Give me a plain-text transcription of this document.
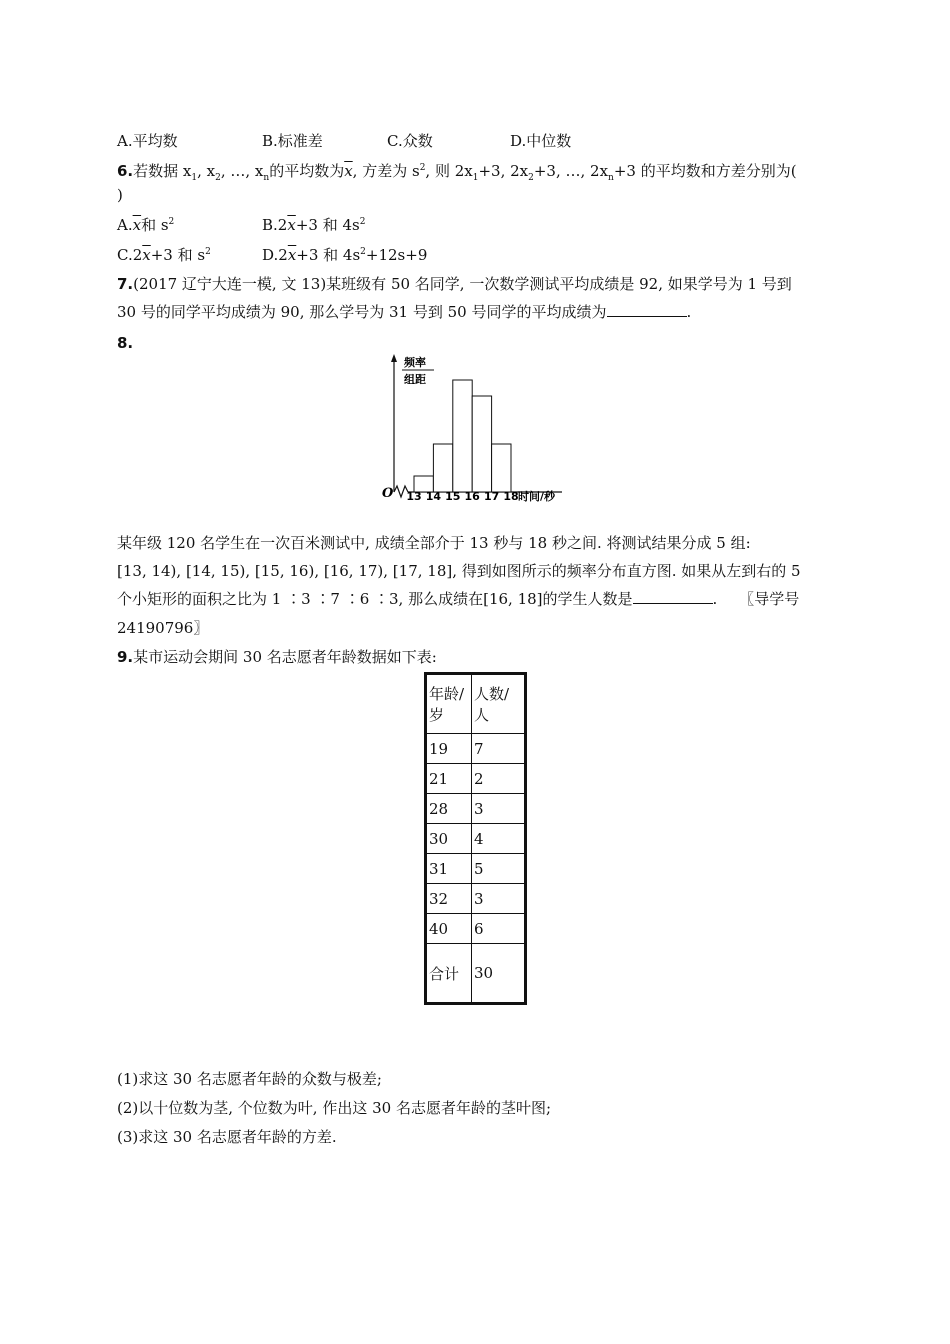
A.平均数	B.标准差	C.众数	D.中位数
6.若数据 $x_1$, $x_2$, …, $x_n$的平均数为$\overline{x}$, 方差为 $s^2$, 则 $2x_1+3$, $2x_2+3$, …, $2x_n+3$ 的平均数和方差分别为(
)
$A.\overline{x}$和 $s^2$	$B.2\overline{x}+3$ 和 $4s^2$
$C.2\overline{x}+3$ 和 $s^2$	$D.2\overline{x}+3$ 和 $4s^2+12s+9$
7.(2017 辽宁大连一模, 文 13)某班级有 50 名同学, 一次数学测试平均成绩是 92, 如果学号为 1 号到
30 号的同学平均成绩为 90, 那么学号为 31 号到 50 号同学的平均成绩为	.
8.
13 14 15 16 17 18
频率
组距
O	时间/秒
某年级 120 名学生在一次百米测试中, 成绩全部介于 13 秒与 18 秒之间. 将测试结果分成 5 组:
[13, 14), [14, 15), [15, 16), [16, 17), [17, 18], 得到如图所示的频率分布直方图. 如果从左到右的 5
个小矩形的面积之比为 1 ∶3 ∶7 ∶6 ∶3, 那么成绩在[16, 18]的学生人数是	. 〖导学号
24190796〗
9.某市运动会期间 30 名志愿者年龄数据如下表:
年龄/岁	人数/人
19	7
21	2
28	3
30	4
31	5
32	3
40	6
合计	30
(1)求这 30 名志愿者年龄的众数与极差;
(2)以十位数为茎, 个位数为叶, 作出这 30 名志愿者年龄的茎叶图;
(3)求这 30 名志愿者年龄的方差.
